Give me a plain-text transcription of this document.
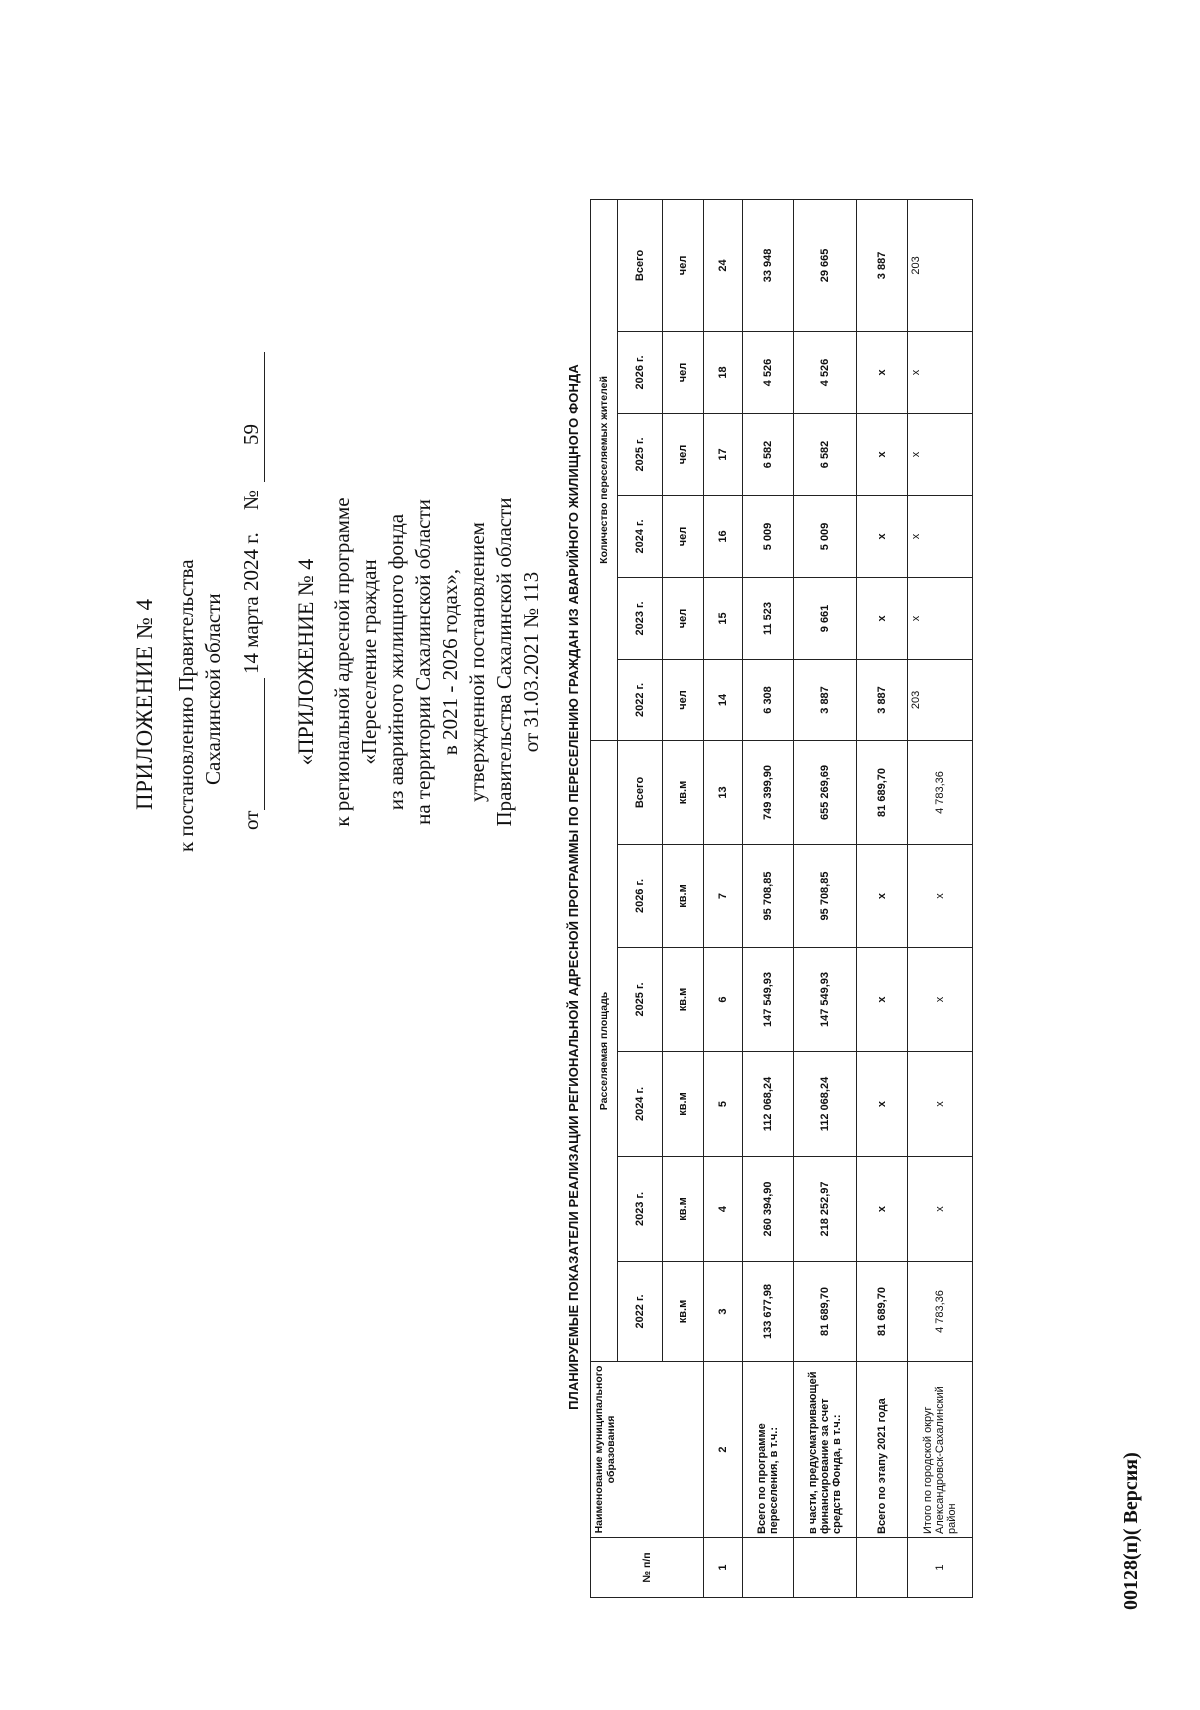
ПРИЛОЖЕНИЕ № 4 к постановлению Правительства Сахалинской области
от
14 марта 2024 г.
№
59
«ПРИЛОЖЕНИЕ № 4 к региональной адресной программе «Переселение граждан из аварийного жилищного фонда на территории Сахалинской области в 2021 - 2026 годах», утвержденной постановлением Правительства Сахалинской области от 31.03.2021 № 113 ПЛАНИРУЕМЫЕ ПОКАЗАТЕЛИ РЕАЛИЗАЦИИ РЕГИОНАЛЬНОЙ АДРЕСНОЙ ПРОГРАММЫ ПО ПЕРЕСЕЛЕНИЮ ГРАЖДАН ИЗ АВАРИЙНОГО ЖИЛИЩНОГО ФОНДА
№ п/п	Наименование муниципального образования	Расселяемая площадь						Количество переселяемых жителей					
		2022 г.	2023 г.	2024 г.	2025 г.	2026 г.	Всего	2022 г.	2023 г.	2024 г.	2025 г.	2026 г.	Всего
		кв.м	кв.м	кв.м	кв.м	кв.м	кв.м	чел	чел	чел	чел	чел	чел
1	2	3	4	5	6	7	13	14	15	16	17	18	24
	Всего по программе переселения, в т.ч.:	133 677,98	260 394,90	112 068,24	147 549,93	95 708,85	749 399,90	6 308	11 523	5 009	6 582	4 526	33 948
	в части, предусматривающей финансирование за счет средств Фонда, в т.ч.:	81 689,70	218 252,97	112 068,24	147 549,93	95 708,85	655 269,69	3 887	9 661	5 009	6 582	4 526	29 665
	Всего по этапу 2021 года	81 689,70	x	x	x	x	81 689,70	3 887	x	x	x	x	3 887
1	Итого по городской округ Александровск-Сахалинский район	4 783,36	x	x	x	x	4 783,36	203	x	x	x	x	203
00128(п)( Версия)
